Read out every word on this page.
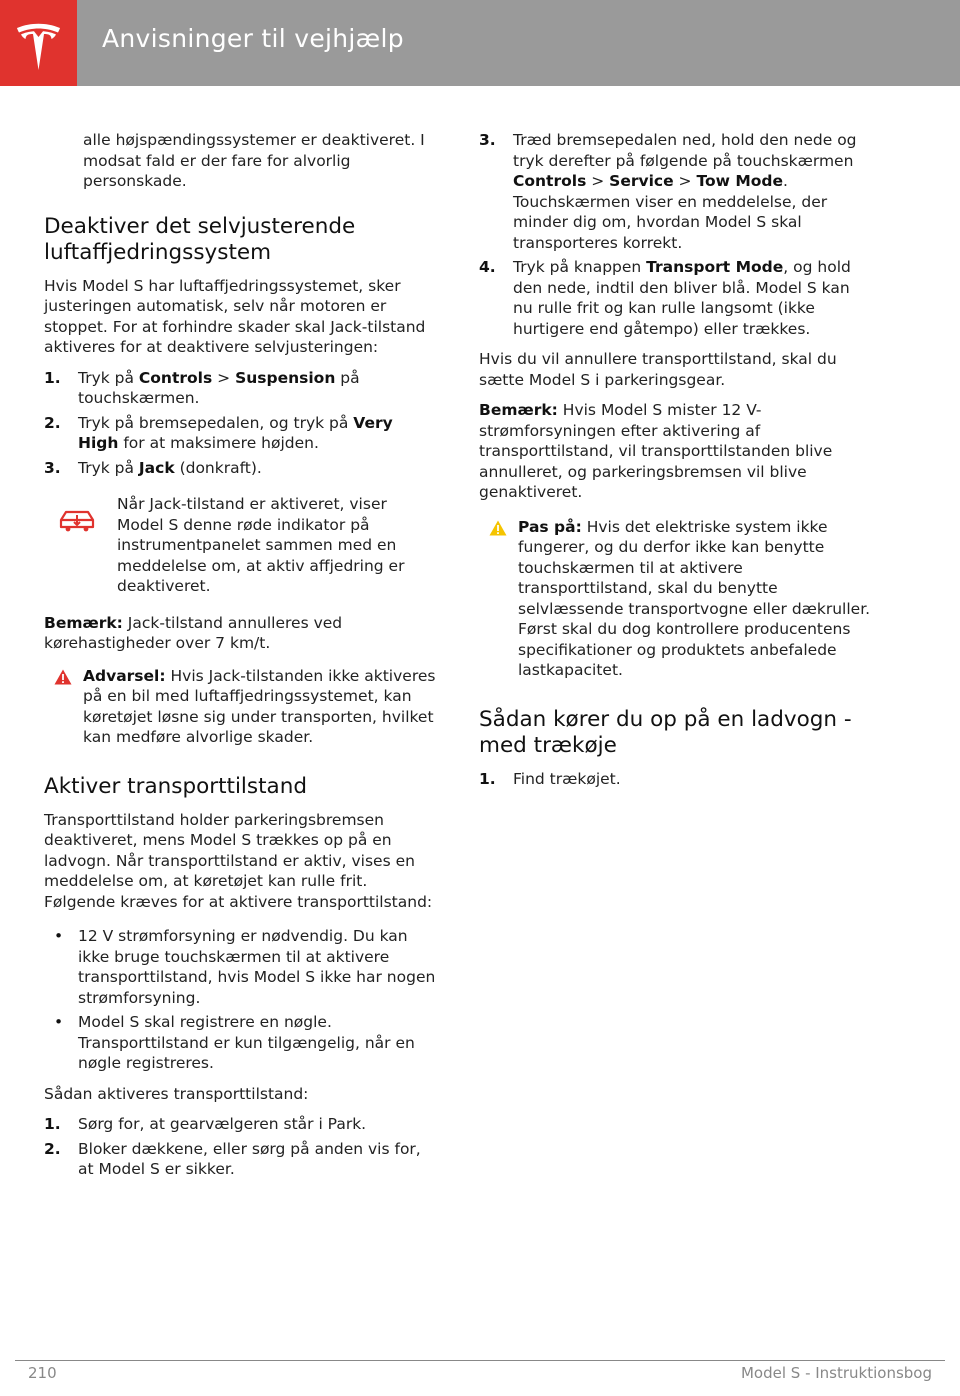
Anvisninger til vejhjælp

alle højspændingssystemer er deaktiveret. I modsat fald er der fare for alvorlig personskade.

Deaktiver det selvjusterende luftaffjedringssystem

Hvis Model S har luftaffjedringssystemet, sker justeringen automatisk, selv når motoren er stoppet. For at forhindre skader skal Jack-tilstand aktiveres for at deaktivere selvjusteringen:

1. Tryk på Controls > Suspension på touchskærmen.
2. Tryk på bremsepedalen, og tryk på Very High for at maksimere højden.
3. Tryk på Jack (donkraft).
Når Jack-tilstand er aktiveret, viser Model S denne røde indikator på instrumentpanelet sammen med en meddelelse om, at aktiv affjedring er deaktiveret.

Bemærk: Jack-tilstand annulleres ved kørehastigheder over 7 km/t.

Advarsel: Hvis Jack-tilstanden ikke aktiveres på en bil med luftaffjedringssystemet, kan køretøjet løsne sig under transporten, hvilket kan medføre alvorlige skader.
Aktiver transporttilstand

Transporttilstand holder parkeringsbremsen deaktiveret, mens Model S trækkes op på en ladvogn. Når transporttilstand er aktiv, vises en meddelelse om, at køretøjet kan rulle frit. Følgende kræves for at aktivere transporttilstand:

• 12 V strømforsyning er nødvendig. Du kan ikke bruge touchskærmen til at aktivere transporttilstand, hvis Model S ikke har nogen strømforsyning.
• Model S skal registrere en nøgle. Transporttilstand er kun tilgængelig, når en nøgle registreres.

Sådan aktiveres transporttilstand:

1. Sørg for, at gearvælgeren står i Park.
2. Bloker dækkene, eller sørg på anden vis for, at Model S er sikker.
3. Træd bremsepedalen ned, hold den nede og tryk derefter på følgende på touchskærmen Controls > Service > Tow Mode. Touchskærmen viser en meddelelse, der minder dig om, hvordan Model S skal transporteres korrekt.
4. Tryk på knappen Transport Mode, og hold den nede, indtil den bliver blå. Model S kan nu rulle frit og kan rulle langsomt (ikke hurtigere end gåtempo) eller trækkes.

Hvis du vil annullere transporttilstand, skal du sætte Model S i parkeringsgear.

Bemærk: Hvis Model S mister 12 V-strømforsyningen efter aktivering af transporttilstand, vil transporttilstanden blive annulleret, og parkeringsbremsen vil blive genaktiveret.

Pas på: Hvis det elektriske system ikke fungerer, og du derfor ikke kan benytte touchskærmen til at aktivere transporttilstand, skal du benytte selvlæssende transportvogne eller dækruller. Først skal du dog kontrollere producentens specifikationer og produktets anbefalede lastkapacitet.
Sådan kører du op på en ladvogn - med trækøje
1. Find trækøjet.
210	Model S - Instruktionsbog
